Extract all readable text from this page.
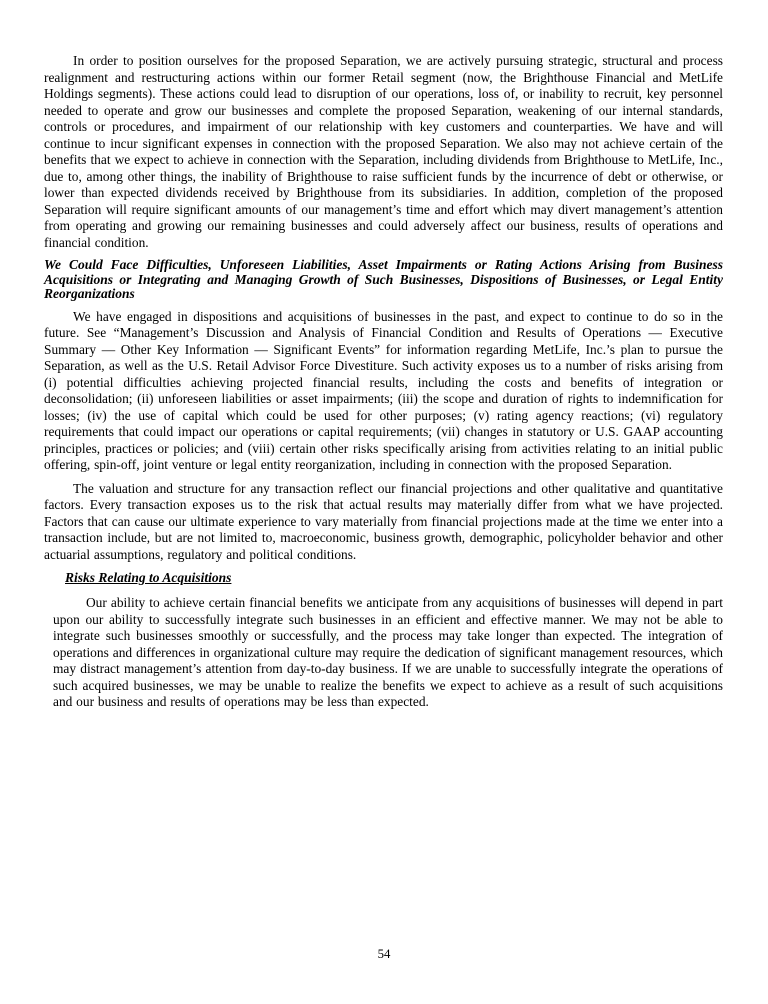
In order to position ourselves for the proposed Separation, we are actively pursuing strategic, structural and process realignment and restructuring actions within our former Retail segment (now, the Brighthouse Financial and MetLife Holdings segments). These actions could lead to disruption of our operations, loss of, or inability to recruit, key personnel needed to operate and grow our businesses and complete the proposed Separation, weakening of our internal standards, controls or procedures, and impairment of our relationship with key customers and counterparties. We have and will continue to incur significant expenses in connection with the proposed Separation. We also may not achieve certain of the benefits that we expect to achieve in connection with the Separation, including dividends from Brighthouse to MetLife, Inc., due to, among other things, the inability of Brighthouse to raise sufficient funds by the incurrence of debt or otherwise, or lower than expected dividends received by Brighthouse from its subsidiaries. In addition, completion of the proposed Separation will require significant amounts of our management’s time and effort which may divert management’s attention from operating and growing our remaining businesses and could adversely affect our business, results of operations and financial condition.

We Could Face Difficulties, Unforeseen Liabilities, Asset Impairments or Rating Actions Arising from Business Acquisitions or Integrating and Managing Growth of Such Businesses, Dispositions of Businesses, or Legal Entity Reorganizations

We have engaged in dispositions and acquisitions of businesses in the past, and expect to continue to do so in the future. See “Management’s Discussion and Analysis of Financial Condition and Results of Operations — Executive Summary — Other Key Information — Significant Events” for information regarding MetLife, Inc.’s plan to pursue the Separation, as well as the U.S. Retail Advisor Force Divestiture. Such activity exposes us to a number of risks arising from (i) potential difficulties achieving projected financial results, including the costs and benefits of integration or deconsolidation; (ii) unforeseen liabilities or asset impairments; (iii) the scope and duration of rights to indemnification for losses; (iv) the use of capital which could be used for other purposes; (v) rating agency reactions; (vi) regulatory requirements that could impact our operations or capital requirements; (vii) changes in statutory or U.S. GAAP accounting principles, practices or policies; and (viii) certain other risks specifically arising from activities relating to an initial public offering, spin-off, joint venture or legal entity reorganization, including in connection with the proposed Separation.

The valuation and structure for any transaction reflect our financial projections and other qualitative and quantitative factors. Every transaction exposes us to the risk that actual results may materially differ from what we have projected. Factors that can cause our ultimate experience to vary materially from financial projections made at the time we enter into a transaction include, but are not limited to, macroeconomic, business growth, demographic, policyholder behavior and other actuarial assumptions, regulatory and political conditions.

Risks Relating to Acquisitions

Our ability to achieve certain financial benefits we anticipate from any acquisitions of businesses will depend in part upon our ability to successfully integrate such businesses in an efficient and effective manner. We may not be able to integrate such businesses smoothly or successfully, and the process may take longer than expected. The integration of operations and differences in organizational culture may require the dedication of significant management resources, which may distract management’s attention from day-to-day business. If we are unable to successfully integrate the operations of such acquired businesses, we may be unable to realize the benefits we expect to achieve as a result of such acquisitions and our business and results of operations may be less than expected.

54
